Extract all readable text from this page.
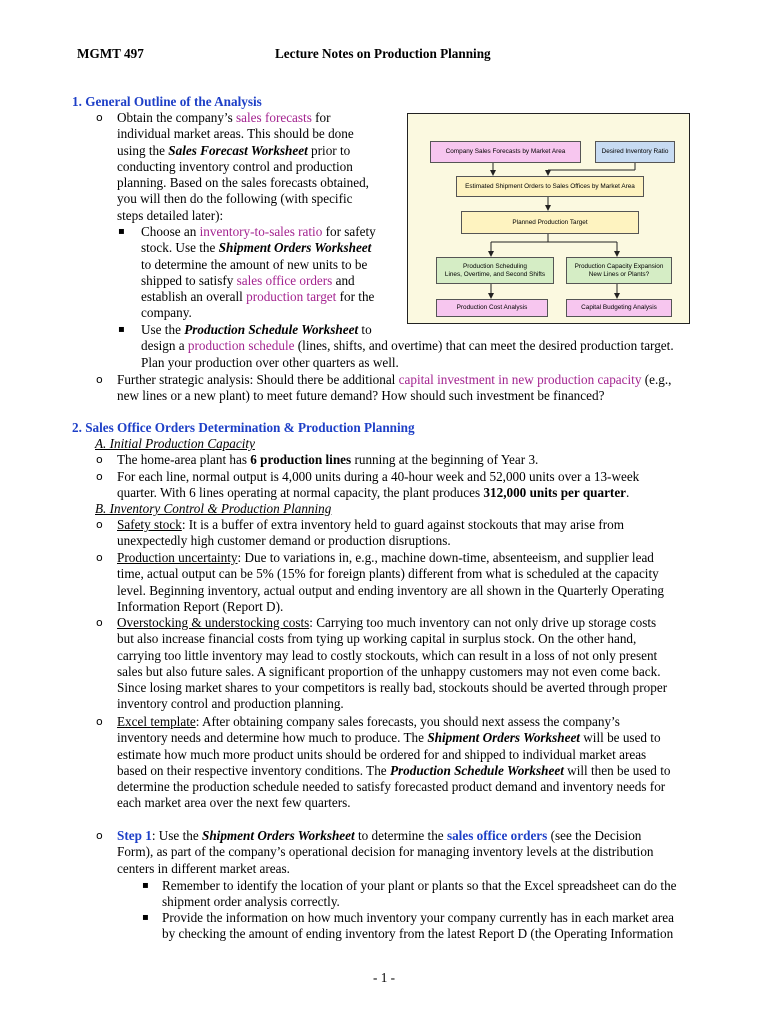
MGMT 497	Lecture Notes on Production Planning
1. General Outline of the Analysis
o Obtain the company’s sales forecasts for
individual market areas. This should be done
using the Sales Forecast Worksheet prior to
conducting inventory control and production
planning. Based on the sales forecasts obtained,
you will then do the following (with specific
steps detailed later):
▪ Choose an inventory-to-sales ratio for safety
stock. Use the Shipment Orders Worksheet
to determine the amount of new units to be
shipped to satisfy sales office orders and
establish an overall production target for the
company.
▪ Use the Production Schedule Worksheet to
design a production schedule (lines, shifts, and overtime) that can meet the desired production target.
Plan your production over other quarters as well.
o Further strategic analysis: Should there be additional capital investment in new production capacity (e.g.,
new lines or a new plant) to meet future demand? How should such investment be financed?
Company Sales Forecasts by Market Area	Desired Inventory Ratio
Estimated Shipment Orders to Sales Offices by Market Area
Planned Production Target
Production Scheduling
Lines, Overtime, and Second Shifts
Production Capacity Expansion
New Lines or Plants?
Production Cost Analysis	Capital Budgeting Analysis
2. Sales Office Orders Determination & Production Planning
A. Initial Production Capacity
o The home-area plant has 6 production lines running at the beginning of Year 3.
o For each line, normal output is 4,000 units during a 40-hour week and 52,000 units over a 13-week
quarter. With 6 lines operating at normal capacity, the plant produces 312,000 units per quarter.
B. Inventory Control & Production Planning
o Safety stock: It is a buffer of extra inventory held to guard against stockouts that may arise from
unexpectedly high customer demand or production disruptions.
o Production uncertainty: Due to variations in, e.g., machine down-time, absenteeism, and supplier lead
time, actual output can be 5% (15% for foreign plants) different from what is scheduled at the capacity
level. Beginning inventory, actual output and ending inventory are all shown in the Quarterly Operating
Information Report (Report D).
o Overstocking & understocking costs: Carrying too much inventory can not only drive up storage costs
but also increase financial costs from tying up working capital in surplus stock. On the other hand,
carrying too little inventory may lead to costly stockouts, which can result in a loss of not only present
sales but also future sales. A significant proportion of the unhappy customers may not even come back.
Since losing market shares to your competitors is really bad, stockouts should be averted through proper
inventory control and production planning.
o Excel template: After obtaining company sales forecasts, you should next assess the company’s
inventory needs and determine how much to produce. The Shipment Orders Worksheet will be used to
estimate how much more product units should be ordered for and shipped to individual market areas
based on their respective inventory conditions. The Production Schedule Worksheet will then be used to
determine the production schedule needed to satisfy forecasted product demand and inventory needs for
each market area over the next few quarters.
o Step 1: Use the Shipment Orders Worksheet to determine the sales office orders (see the Decision
Form), as part of the company’s operational decision for managing inventory levels at the distribution
centers in different market areas.
▪ Remember to identify the location of your plant or plants so that the Excel spreadsheet can do the
shipment order analysis correctly.
▪ Provide the information on how much inventory your company currently has in each market area
by checking the amount of ending inventory from the latest Report D (the Operating Information
- 1 -
